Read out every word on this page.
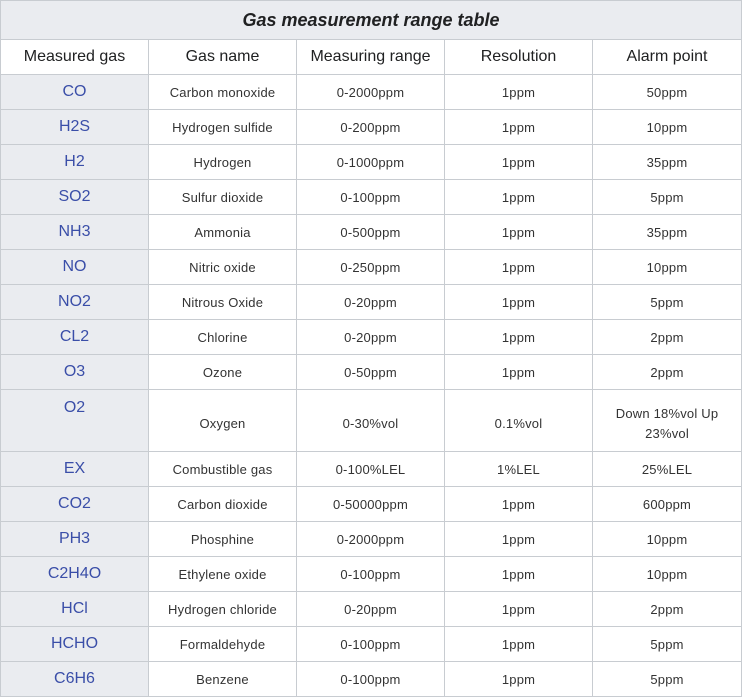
Gas measurement range table				
Measured gas	Gas name	Measuring range	Resolution	Alarm point
CO	Carbon monoxide	0-2000ppm	1ppm	50ppm
H2S	Hydrogen sulfide	0-200ppm	1ppm	10ppm
H2	Hydrogen	0-1000ppm	1ppm	35ppm
SO2	Sulfur dioxide	0-100ppm	1ppm	5ppm
NH3	Ammonia	0-500ppm	1ppm	35ppm
NO	Nitric oxide	0-250ppm	1ppm	10ppm
NO2	Nitrous Oxide	0-20ppm	1ppm	5ppm
CL2	Chlorine	0-20ppm	1ppm	2ppm
O3	Ozone	0-50ppm	1ppm	2ppm
O2	Oxygen	0-30%vol	0.1%vol	Down 18%vol Up 23%vol
EX	Combustible gas	0-100%LEL	1%LEL	25%LEL
CO2	Carbon dioxide	0-50000ppm	1ppm	600ppm
PH3	Phosphine	0-2000ppm	1ppm	10ppm
C2H4O	Ethylene oxide	0-100ppm	1ppm	10ppm
HCl	Hydrogen chloride	0-20ppm	1ppm	2ppm
HCHO	Formaldehyde	0-100ppm	1ppm	5ppm
C6H6	Benzene	0-100ppm	1ppm	5ppm
